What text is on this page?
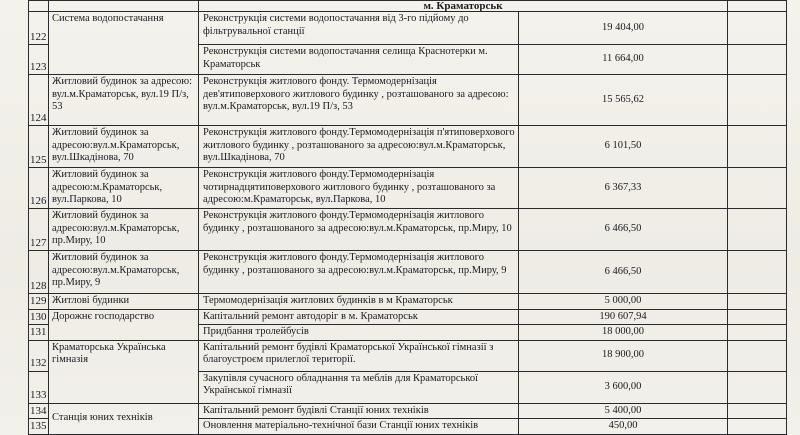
		м. Краматорськ		
122	Система водопостачання	Реконструкція системи водопостачання від 3-го підйому до фільтрувальної станції	19 404,00	
123		Реконструкція системи водопостачання селища Краснотерки м. Краматорськ	11 664,00	
124	Житловий будинок за адресою: вул.м.Краматорськ, вул.19 П/з, 53	Реконструкція житлового фонду. Термомодернізація дев'ятиповерхового житлового будинку , розташованого за адресою: вул.м.Краматорськ, вул.19 П/з, 53	15 565,62	
125	Житловий будинок за адресою:вул.м.Краматорськ, вул.Шкадінова, 70	Реконструкція житлового фонду.Термомодернізація п'ятиповерхового житлового будинку , розташованого за адресою:вул.м.Краматорськ, вул.Шкадінова, 70	6 101,50	
126	Житловий будинок за адресою:м.Краматорськ, вул.Паркова, 10	Реконструкція житлового фонду.Термомодернізація чотирнадцятиповерхового житлового будинку , розташованого за адресою:м.Краматорськ, вул.Паркова, 10	6 367,33	
127	Житловий будинок за адресою:вул.м.Краматорськ, пр.Миру, 10	Реконструкція житлового фонду.Термомодернізація житлового будинку , розташованого за адресою:вул.м.Краматорськ, пр.Миру, 10	6 466,50	
128	Житловий будинок за адресою:вул.м.Краматорськ, пр.Миру, 9	Реконструкція житлового фонду.Термомодернізація житлового будинку , розташованого за адресою:вул.м.Краматорськ, пр.Миру, 9	6 466,50	
129	Житлові будинки	Термомодернізація житлових будинків в м Краматорськ	5 000,00	
130	Дорожнє господарство	Капітальний ремонт автодоріг в м. Краматорськ	190 607,94	
131		Придбання тролейбусів	18 000,00	
132	Краматорська Українська гімназія	Капітальний ремонт будівлі Краматорської Української гімназії з благоустроєм прилеглої території.	18 900,00	
133		Закупівля сучасного обладнання та меблів для Краматорської Української гімназії	3 600,00	
134	Станція юних техніків	Капітальний ремонт будівлі Станції юних техніків	5 400,00	
135		Оновлення матеріально-технічної бази Станції юних техніків	450,00	
